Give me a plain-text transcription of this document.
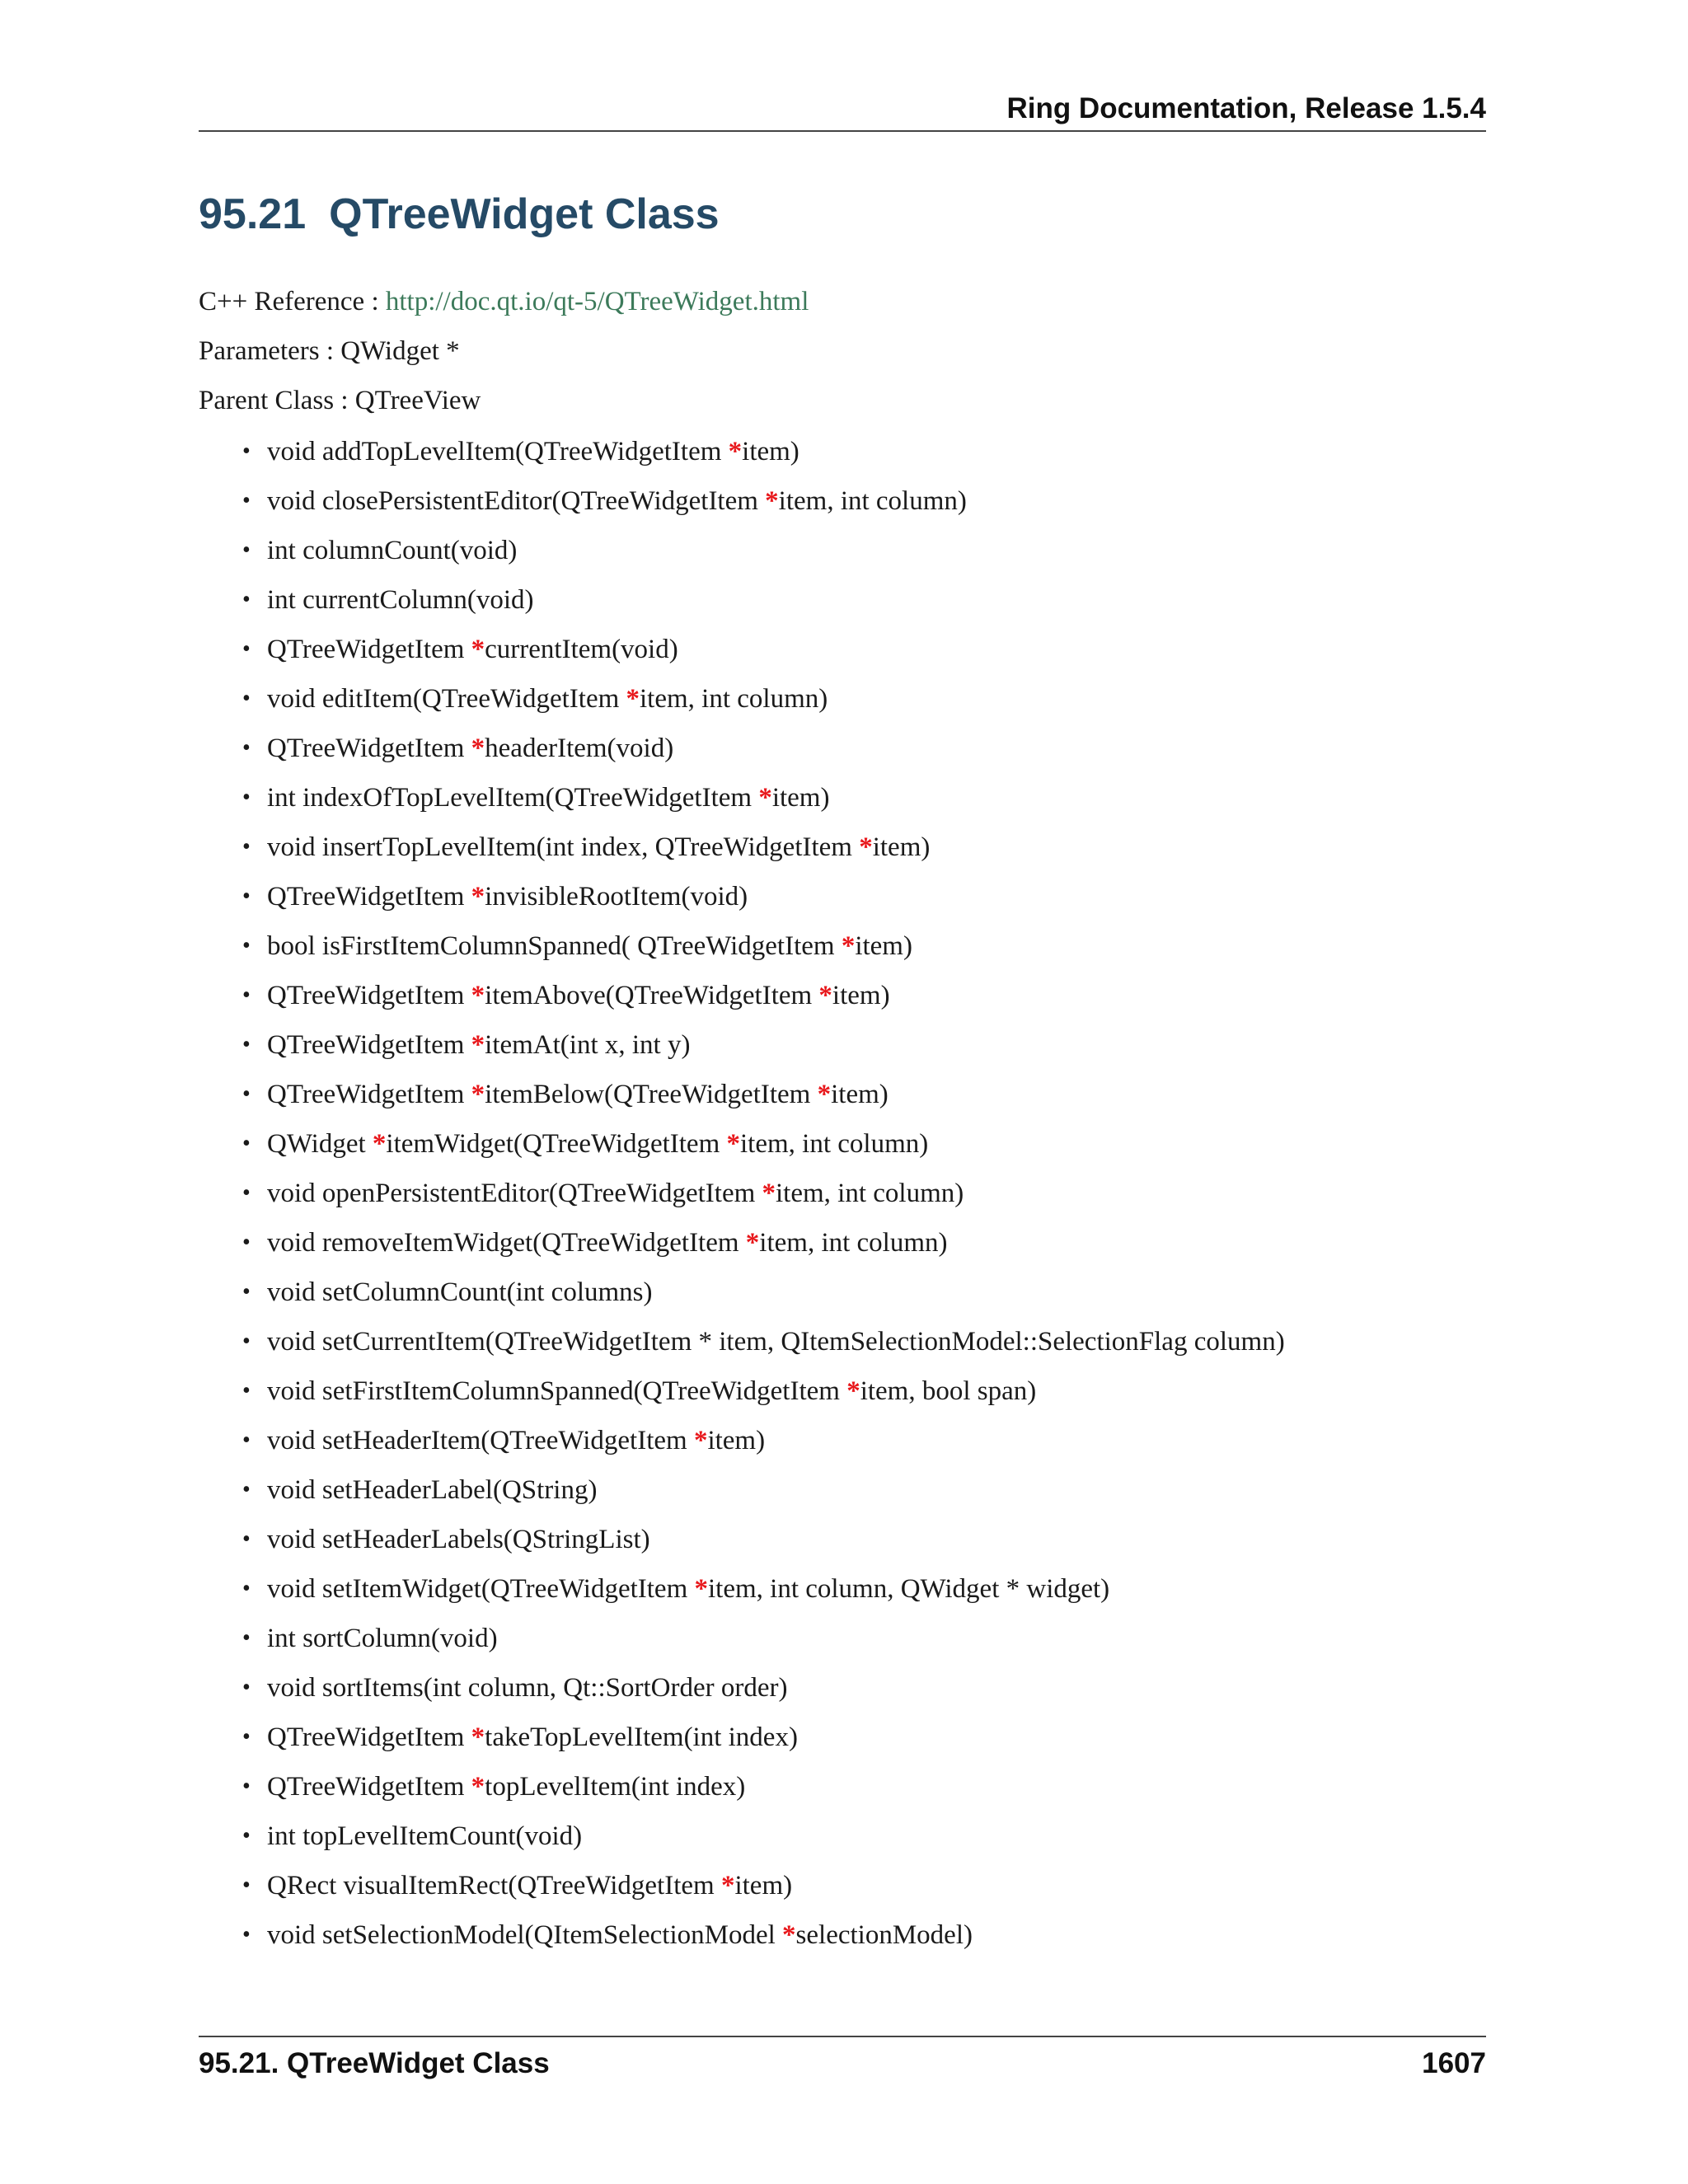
Ring Documentation, Release 1.5.4
95.21 QTreeWidget Class
C++ Reference : http://doc.qt.io/qt-5/QTreeWidget.html
Parameters : QWidget *
Parent Class : QTreeView
• void addTopLevelItem(QTreeWidgetItem *item)
• void closePersistentEditor(QTreeWidgetItem *item, int column)
• int columnCount(void)
• int currentColumn(void)
• QTreeWidgetItem *currentItem(void)
• void editItem(QTreeWidgetItem *item, int column)
• QTreeWidgetItem *headerItem(void)
• int indexOfTopLevelItem(QTreeWidgetItem *item)
• void insertTopLevelItem(int index, QTreeWidgetItem *item)
• QTreeWidgetItem *invisibleRootItem(void)
• bool isFirstItemColumnSpanned( QTreeWidgetItem *item)
• QTreeWidgetItem *itemAbove(QTreeWidgetItem *item)
• QTreeWidgetItem *itemAt(int x, int y)
• QTreeWidgetItem *itemBelow(QTreeWidgetItem *item)
• QWidget *itemWidget(QTreeWidgetItem *item, int column)
• void openPersistentEditor(QTreeWidgetItem *item, int column)
• void removeItemWidget(QTreeWidgetItem *item, int column)
• void setColumnCount(int columns)
• void setCurrentItem(QTreeWidgetItem * item, QItemSelectionModel::SelectionFlag column)
• void setFirstItemColumnSpanned(QTreeWidgetItem *item, bool span)
• void setHeaderItem(QTreeWidgetItem *item)
• void setHeaderLabel(QString)
• void setHeaderLabels(QStringList)
• void setItemWidget(QTreeWidgetItem *item, int column, QWidget * widget)
• int sortColumn(void)
• void sortItems(int column, Qt::SortOrder order)
• QTreeWidgetItem *takeTopLevelItem(int index)
• QTreeWidgetItem *topLevelItem(int index)
• int topLevelItemCount(void)
• QRect visualItemRect(QTreeWidgetItem *item)
• void setSelectionModel(QItemSelectionModel *selectionModel)
95.21. QTreeWidget Class	1607
